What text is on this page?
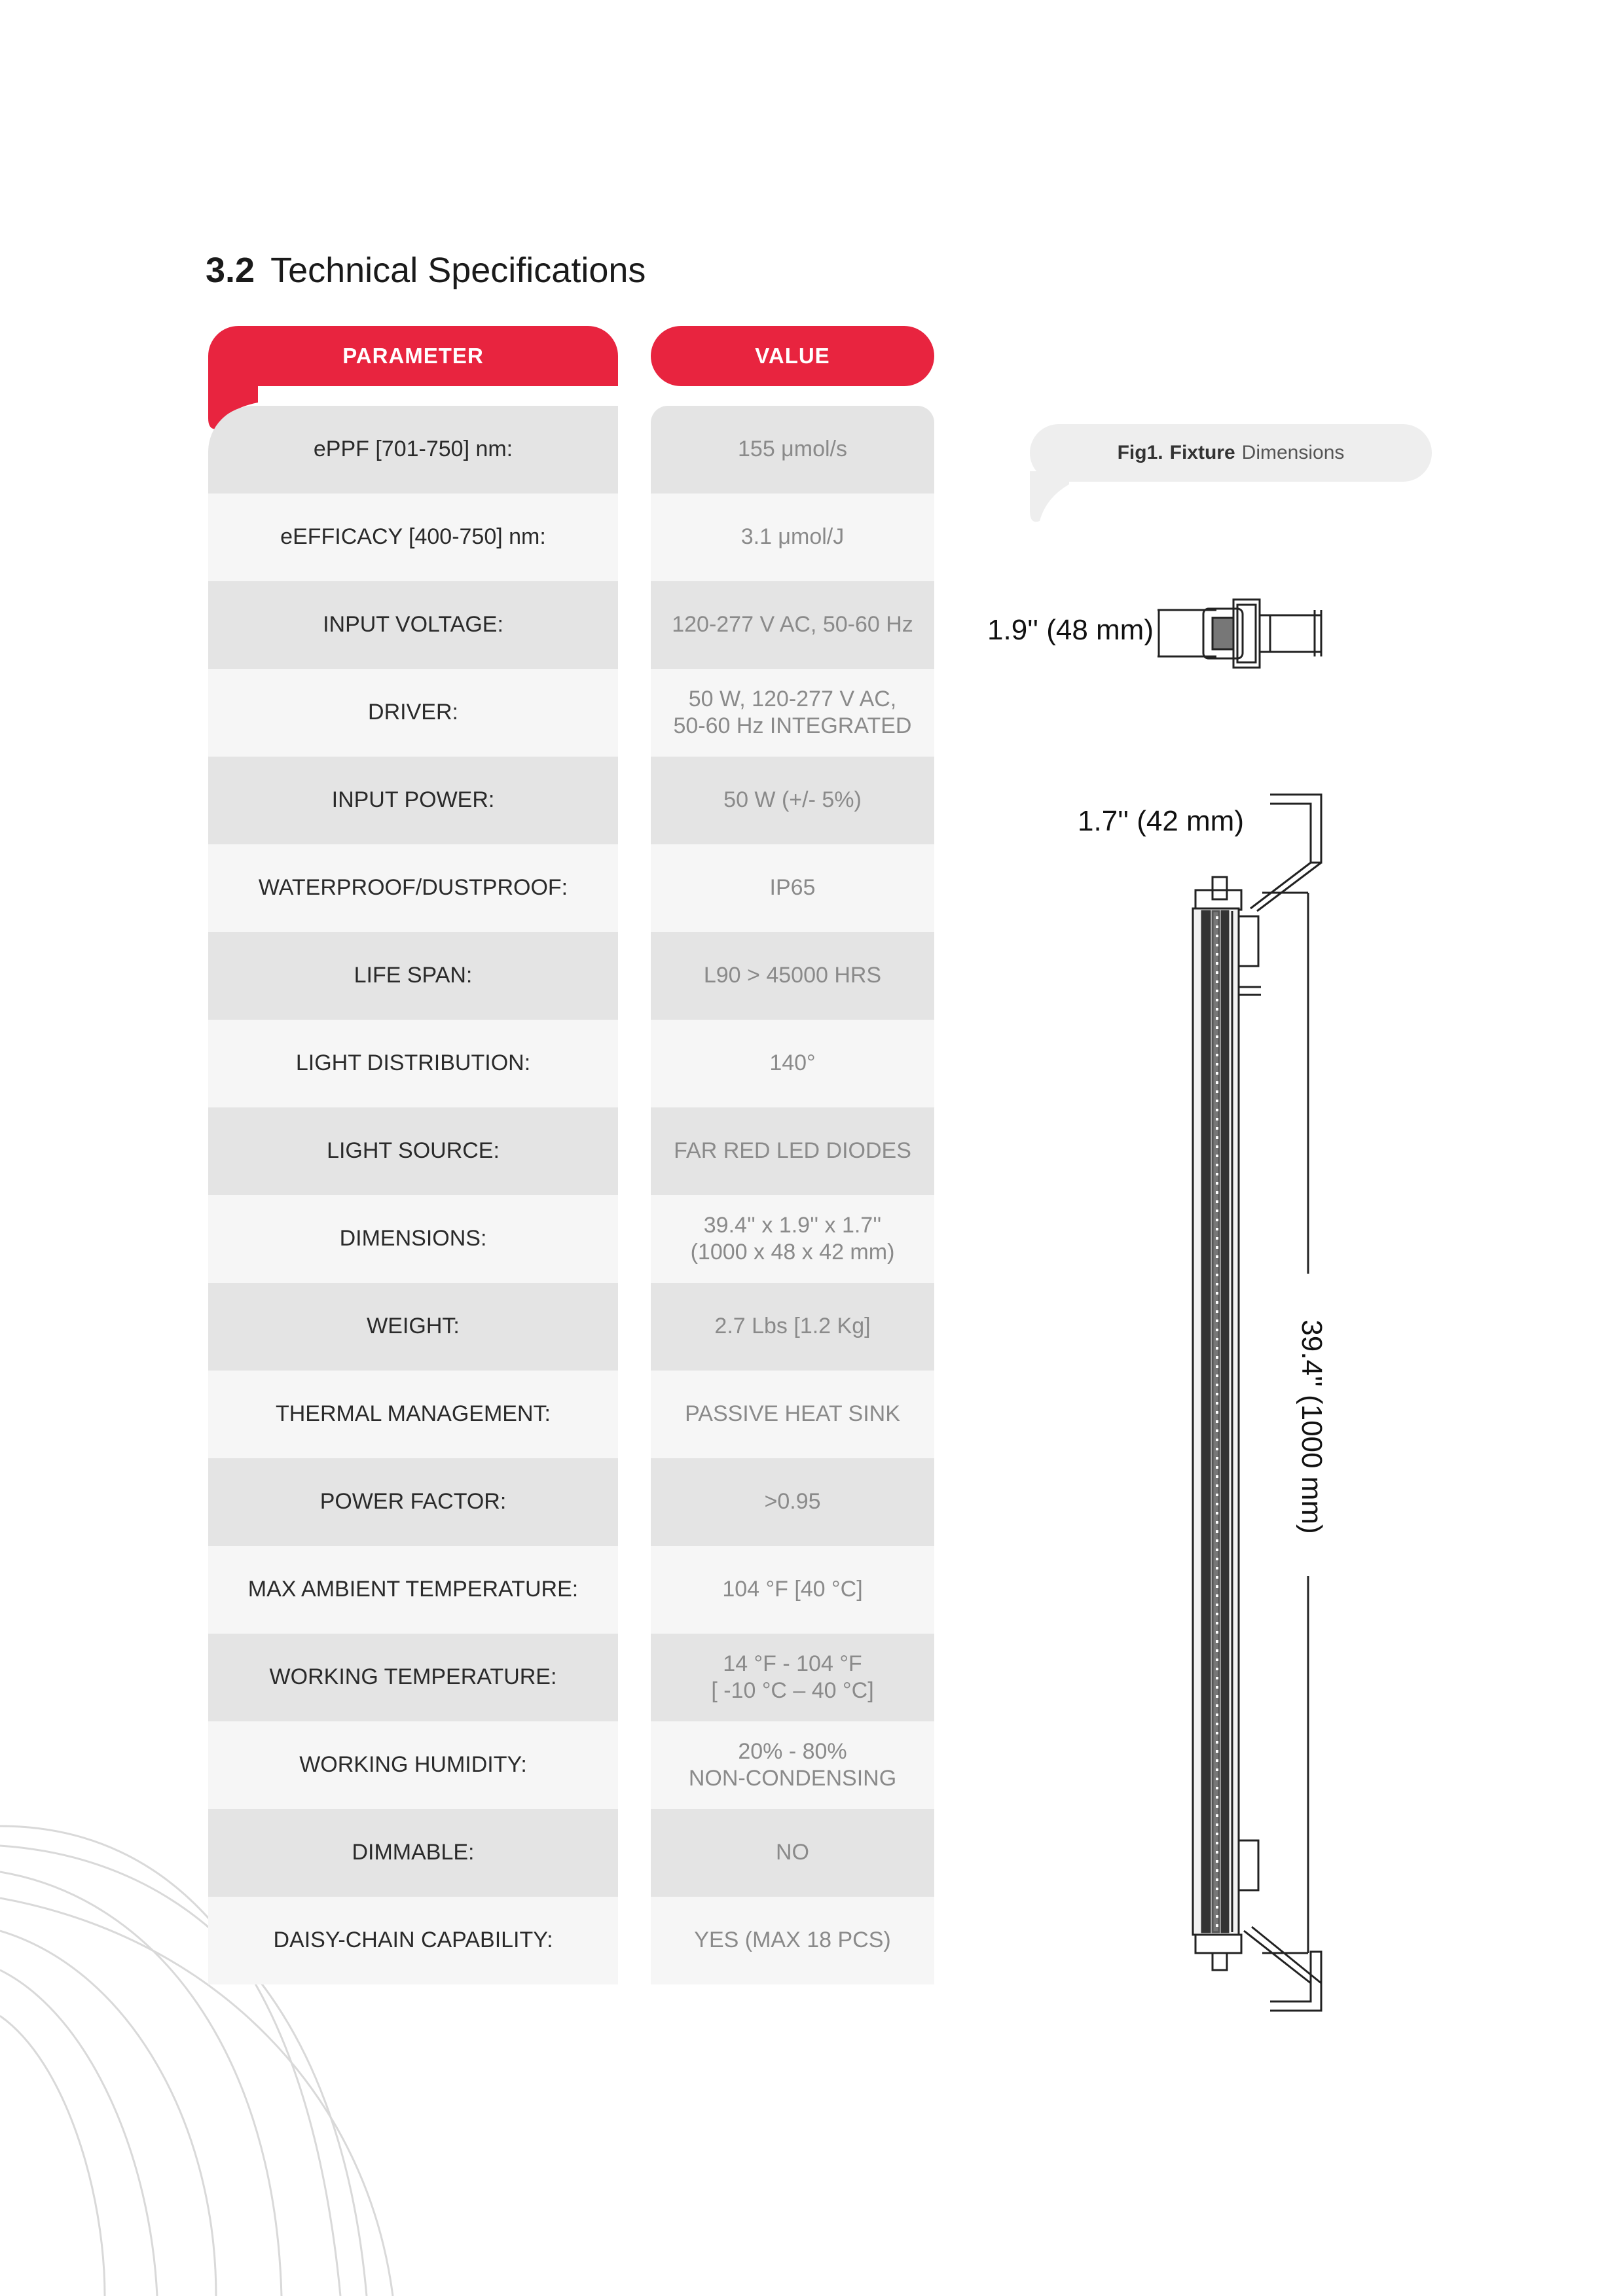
3.2 Technical Specifications
PARAMETER	VALUE
ePPF [701-750] nm:	155 μmol/s
eEFFICACY [400-750] nm:	3.1 μmol/J
INPUT VOLTAGE:	120-277 V AC, 50-60 Hz
DRIVER:
50 W, 120-277 V AC,
50-60 Hz INTEGRATED
INPUT POWER:	50 W (+/- 5%)
WATERPROOF/DUSTPROOF:	IP65
LIFE SPAN:	L90 > 45000 HRS
LIGHT DISTRIBUTION:	140°
LIGHT SOURCE:	FAR RED LED DIODES
DIMENSIONS:
39.4'' x 1.9'' x 1.7''
(1000 x 48 x 42 mm)
WEIGHT:	2.7 Lbs [1.2 Kg]
THERMAL MANAGEMENT:	PASSIVE HEAT SINK
POWER FACTOR:	>0.95
MAX AMBIENT TEMPERATURE:	104 °F [40 °C]
WORKING TEMPERATURE:
14 °F - 104 °F
[ -10 °C – 40 °C]
WORKING HUMIDITY:
20% - 80%
NON-CONDENSING
DIMMABLE:	NO
DAISY-CHAIN CAPABILITY:	YES (MAX 18 PCS)
Fig1. Fixture Dimensions
1.9'' (48 mm)
1.7'' (42 mm)
39.4'' (1000 mm)
